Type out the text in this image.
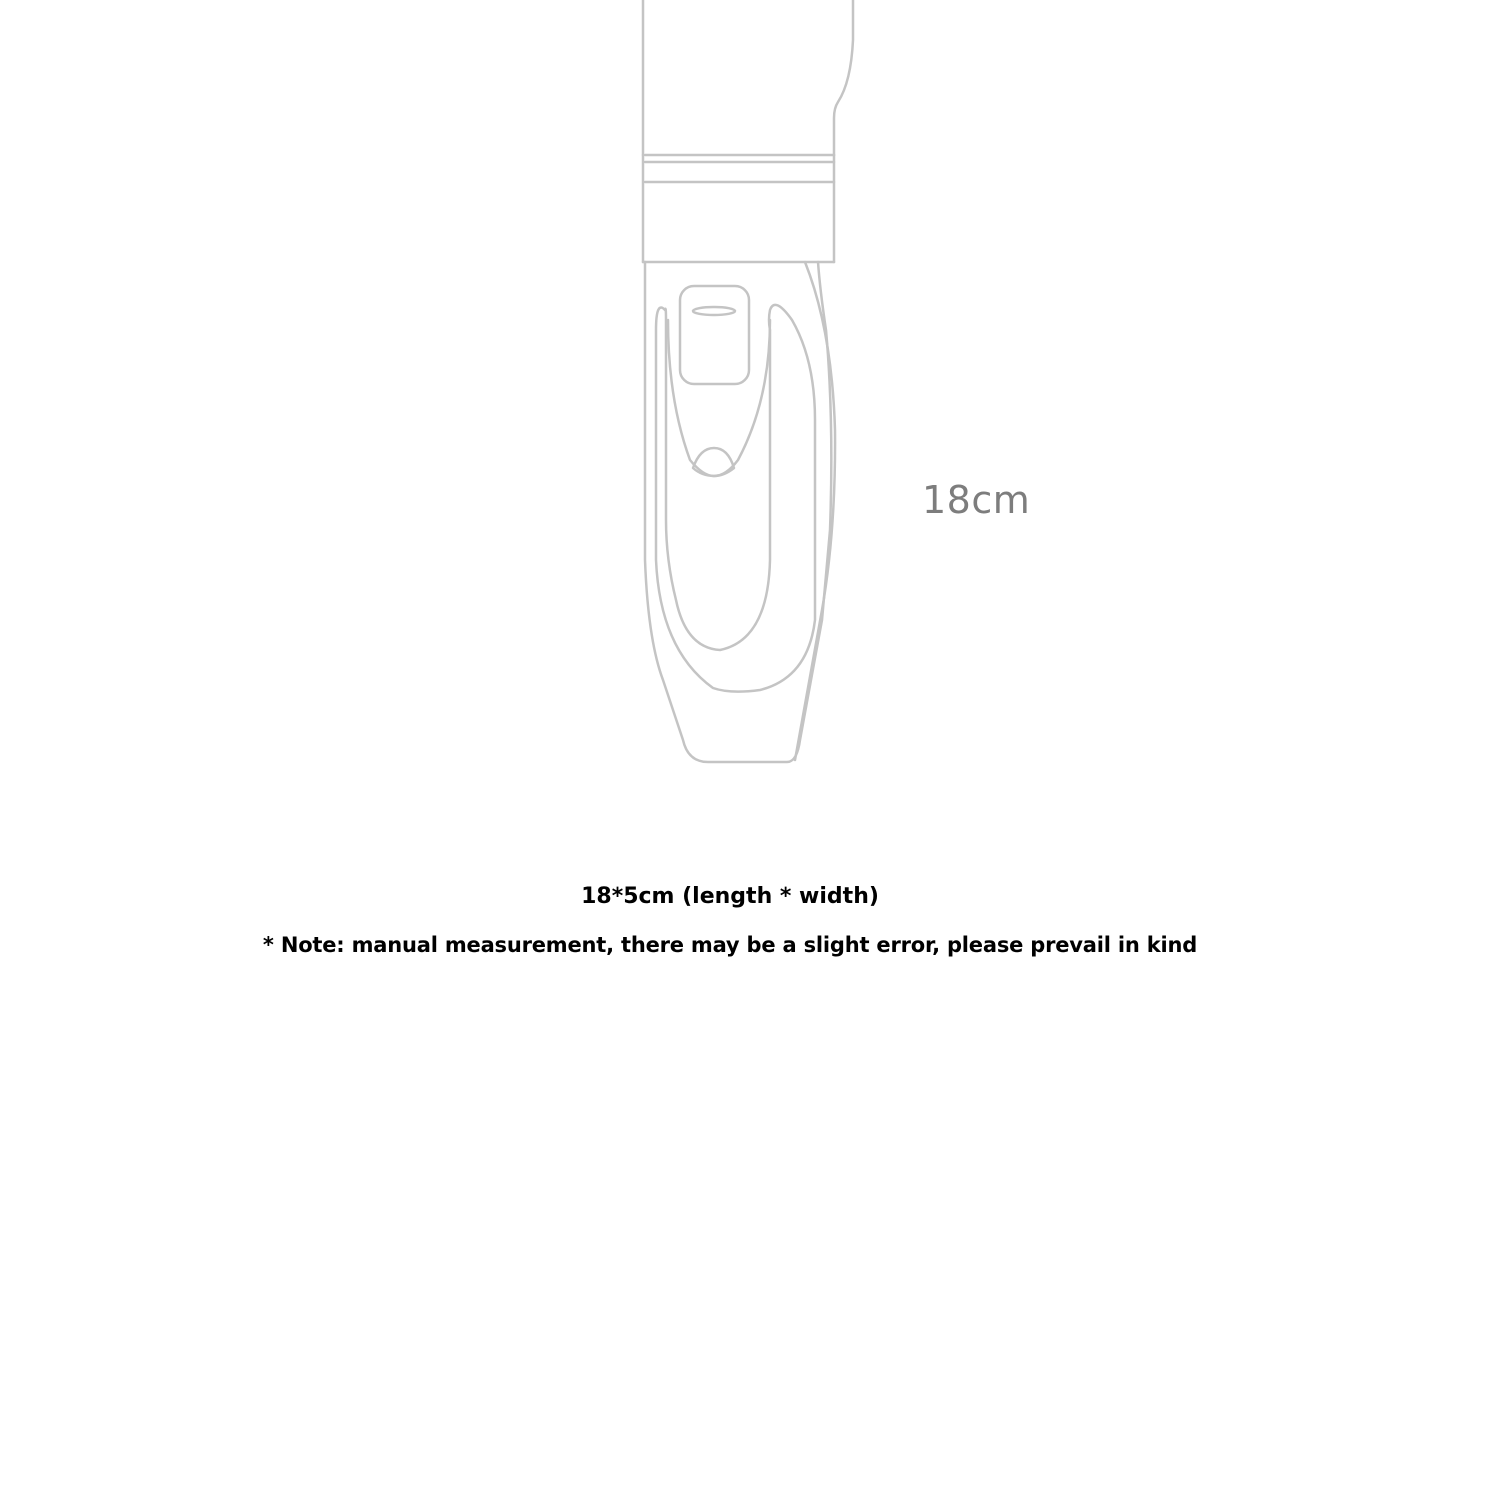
18cm
18*5cm (length * width)
* Note: manual measurement, there may be a slight error, please prevail in kind
